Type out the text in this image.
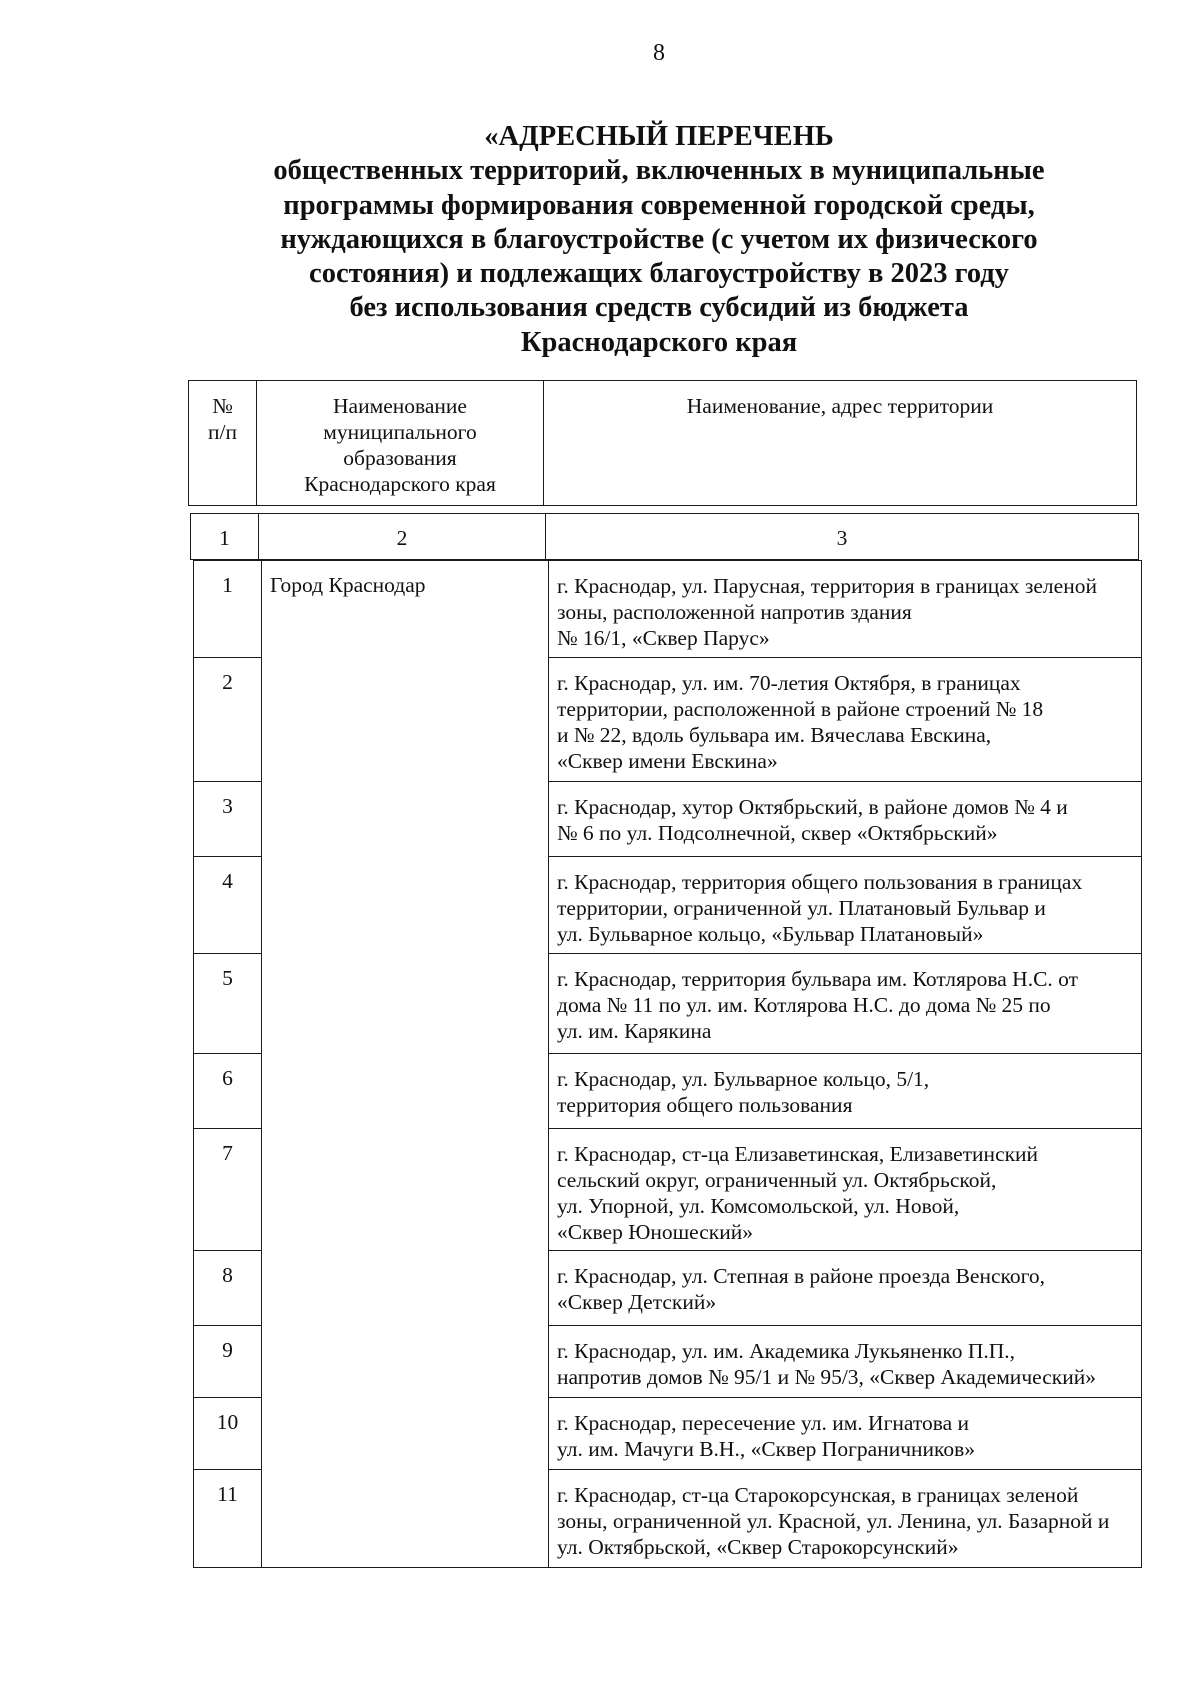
8
«АДРЕСНЫЙ ПЕРЕЧЕНЬ
общественных территорий, включенных в муниципальные
программы формирования современной городской среды,
нуждающихся в благоустройстве (с учетом их физического
состояния) и подлежащих благоустройству в 2023 году
без использования средств субсидий из бюджета
Краснодарского края
№
п/п

Наименование
муниципального
образования
Краснодарского края

Наименование, адрес территории
1	2	3
1	Город Краснодар	г. Краснодар, ул. Парусная, территория в границах зеленой
зоны, расположенной напротив здания
№ 16/1, «Сквер Парус»

2		г. Краснодар, ул. им. 70-летия Октября, в границах
территории, расположенной в районе строений № 18
и № 22, вдоль бульвара им. Вячеслава Евскина,
«Сквер имени Евскина»

3		г. Краснодар, хутор Октябрьский, в районе домов № 4 и
№ 6 по ул. Подсолнечной, сквер «Октябрьский»

4		г. Краснодар, территория общего пользования в границах
территории, ограниченной ул. Платановый Бульвар и
ул. Бульварное кольцо, «Бульвар Платановый»

5		г. Краснодар, территория бульвара им. Котлярова Н.С. от
дома № 11 по ул. им. Котлярова Н.С. до дома № 25 по
ул. им. Карякина

6		г. Краснодар, ул. Бульварное кольцо, 5/1,
территория общего пользования

7		г. Краснодар, ст-ца Елизаветинская, Елизаветинский
сельский округ, ограниченный ул. Октябрьской,
ул. Упорной, ул. Комсомольской, ул. Новой,
«Сквер Юношеский»

8		г. Краснодар, ул. Степная в районе проезда Венского,
«Сквер Детский»

9		г. Краснодар, ул. им. Академика Лукьяненко П.П.,
напротив домов № 95/1 и № 95/3, «Сквер Академический»

10		г. Краснодар, пересечение ул. им. Игнатова и
ул. им. Мачуги В.Н., «Сквер Пограничников»

11		г. Краснодар, ст-ца Старокорсунская, в границах зеленой
зоны, ограниченной ул. Красной, ул. Ленина, ул. Базарной и
ул. Октябрьской, «Сквер Старокорсунский»
